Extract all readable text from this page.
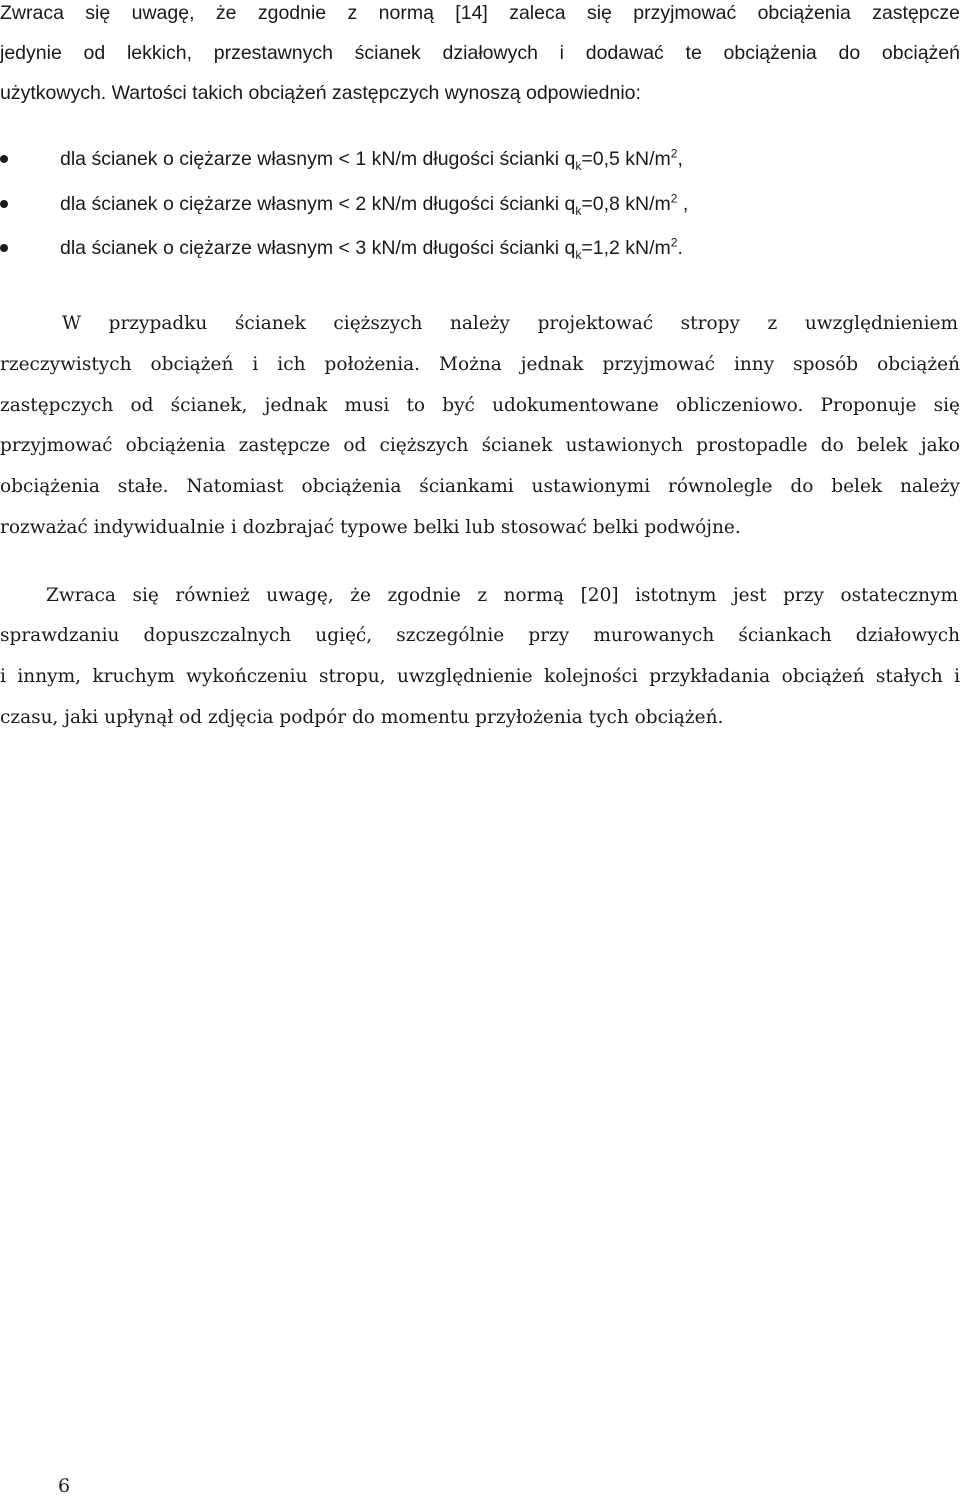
Zwraca się uwagę, że zgodnie z normą [14] zaleca się przyjmować obciążenia zastępcze
jedynie od lekkich, przestawnych ścianek działowych i dodawać te obciążenia do obciążeń
użytkowych. Wartości takich obciążeń zastępczych wynoszą odpowiednio:
dla ścianek o ciężarze własnym < 1 kN/m długości ścianki $q_k=0,5$ $kN/m^2$,
dla ścianek o ciężarze własnym < 2 kN/m długości ścianki $q_k=0,8$ $kN/m^2$ ,
dla ścianek o ciężarze własnym < 3 kN/m długości ścianki $q_k=1,2$ $kN/m^2$.
W przypadku ścianek cięższych należy projektować stropy z uwzględnieniem
rzeczywistych obciążeń i ich położenia. Można jednak przyjmować inny sposób obciążeń
zastępczych od ścianek, jednak musi to być udokumentowane obliczeniowo. Proponuje się
przyjmować obciążenia zastępcze od cięższych ścianek ustawionych prostopadle do belek jako
obciążenia stałe. Natomiast obciążenia ściankami ustawionymi równolegle do belek należy
rozważać indywidualnie i dozbrajać typowe belki lub stosować belki podwójne.
Zwraca się również uwagę, że zgodnie z normą [20] istotnym jest przy ostatecznym
sprawdzaniu dopuszczalnych ugięć, szczególnie przy murowanych ściankach działowych
i innym, kruchym wykończeniu stropu, uwzględnienie kolejności przykładania obciążeń stałych i
czasu, jaki upłynął od zdjęcia podpór do momentu przyłożenia tych obciążeń.
6
